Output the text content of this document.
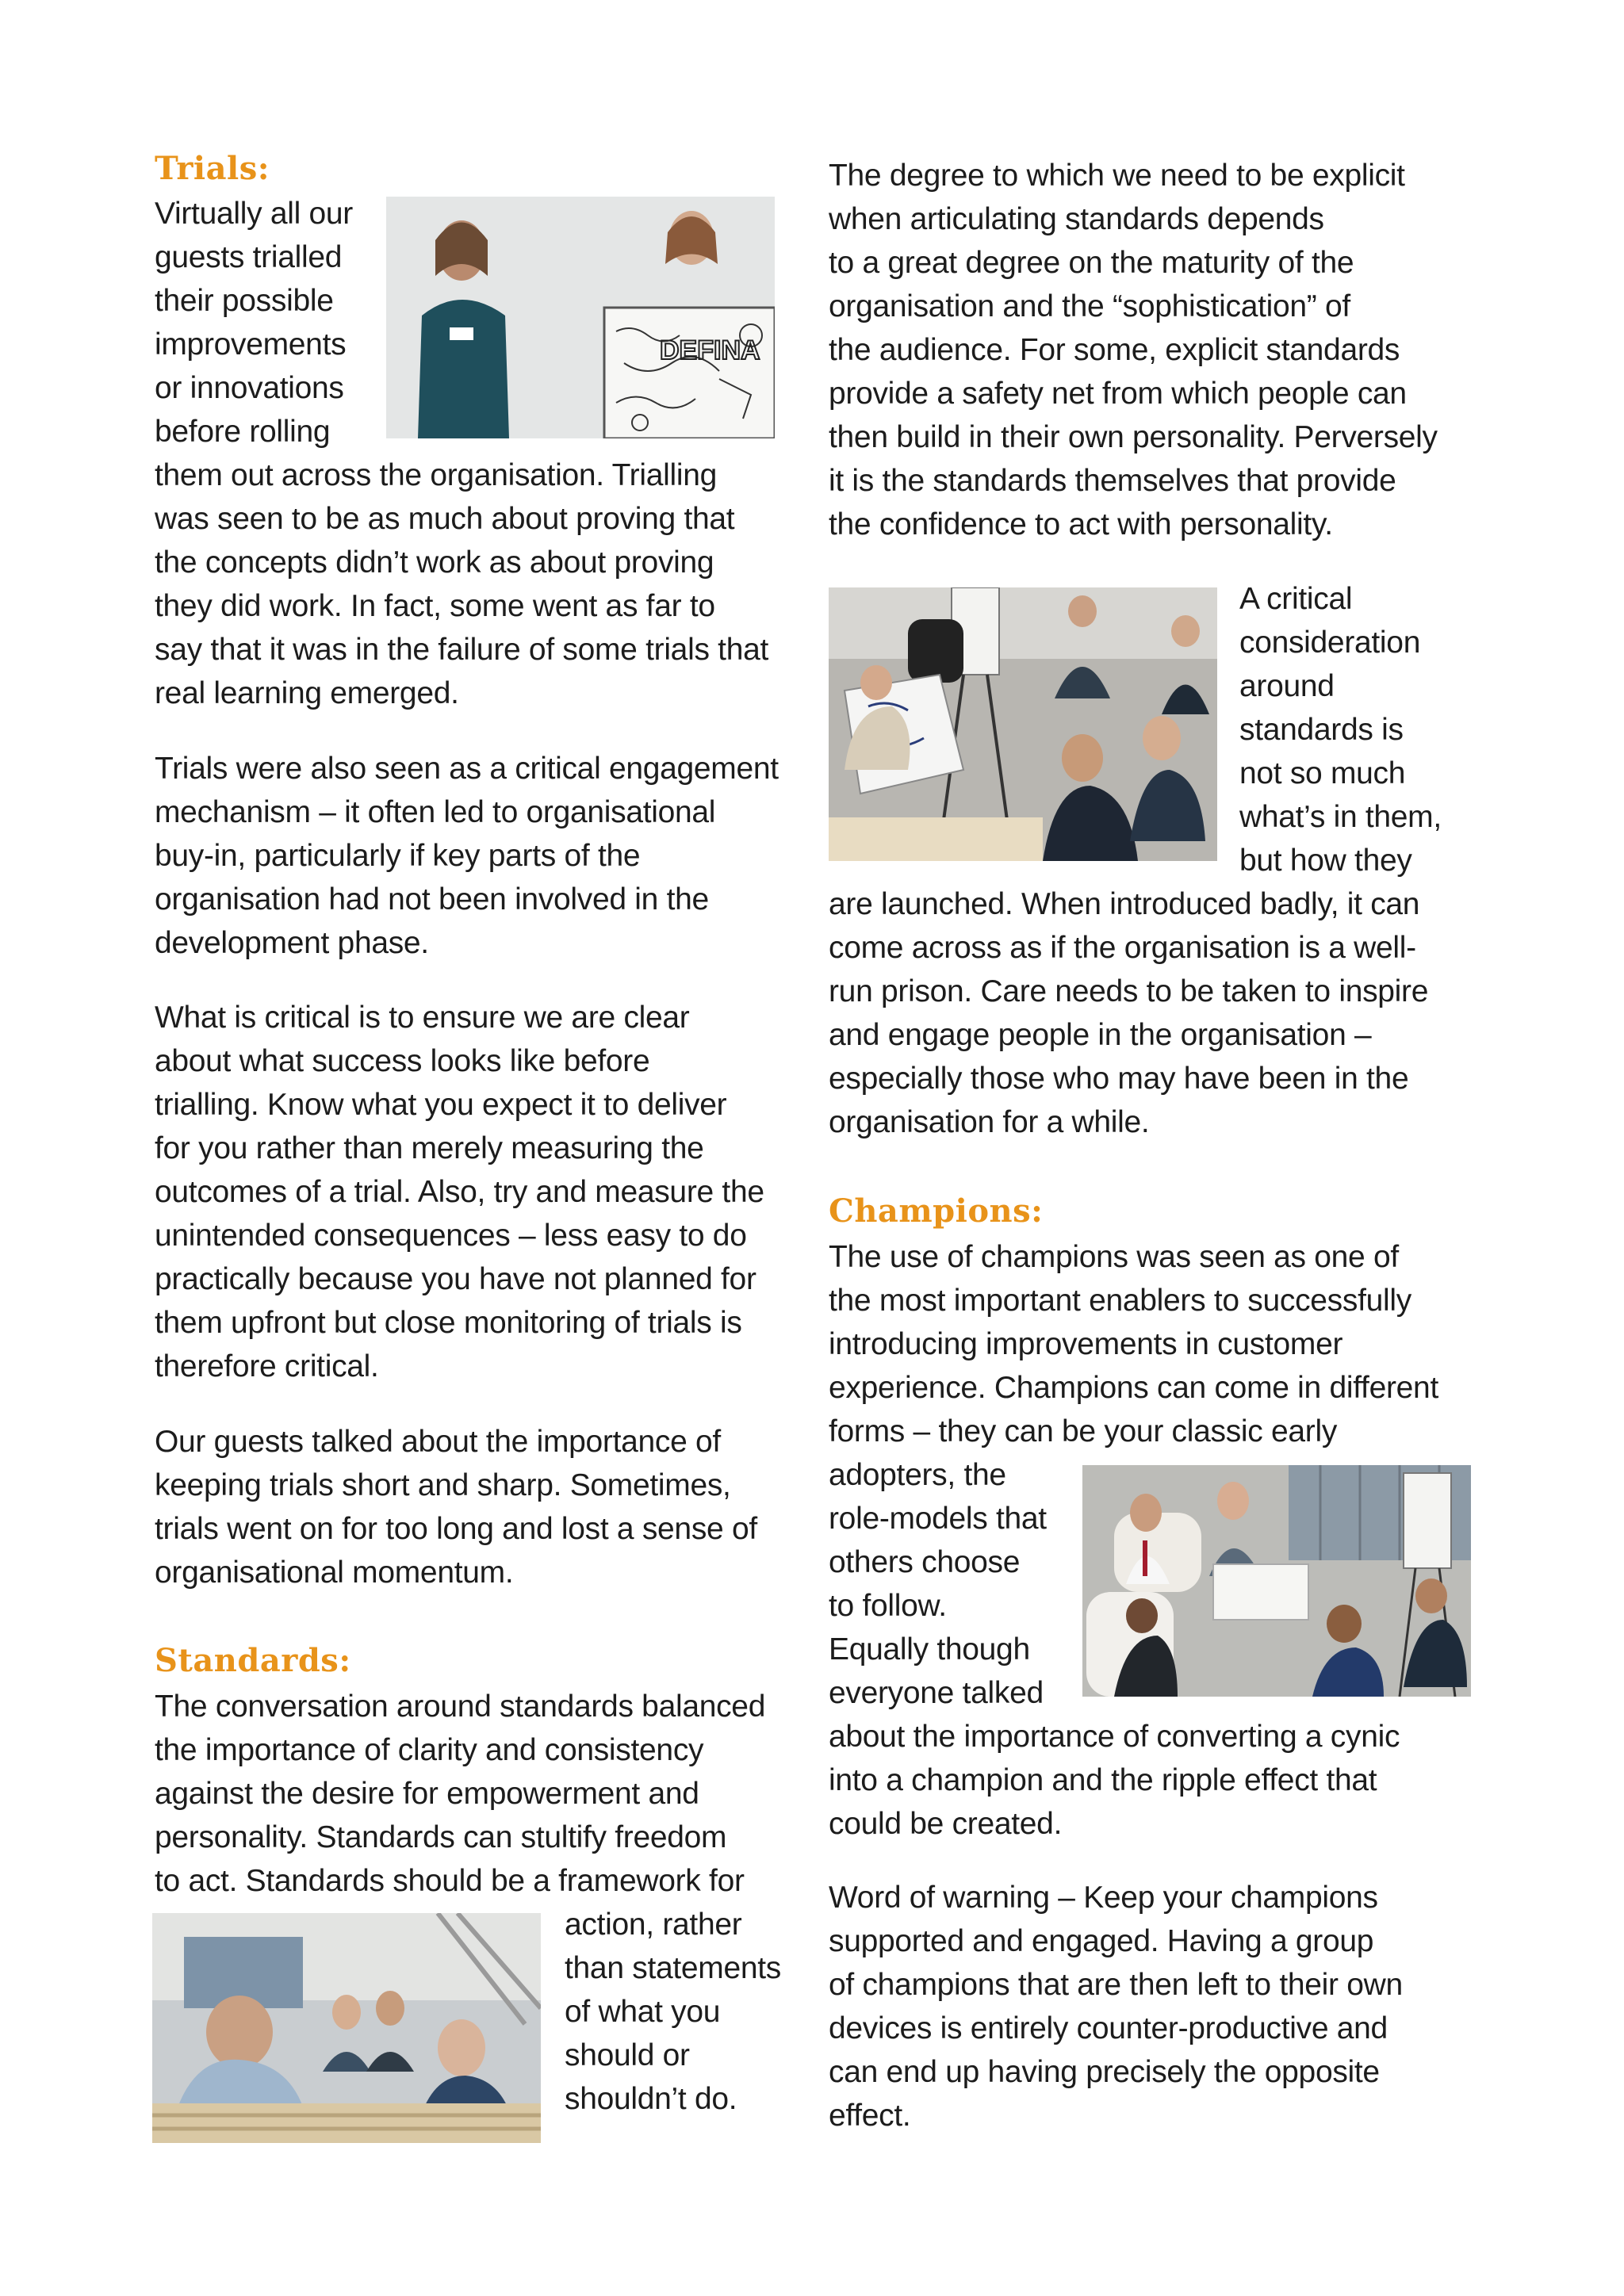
Trials:
DEFINA
Virtually all our
guests trialled
their possible
improvements
or innovations
before rolling
them out across the organisation. Trialling
was seen to be as much about proving that
the concepts didn’t work as about proving
they did work. In fact, some went as far to
say that it was in the failure of some trials that
real learning emerged.
Trials were also seen as a critical engagement
mechanism – it often led to organisational
buy-in, particularly if key parts of the
organisation had not been involved in the
development phase.
What is critical is to ensure we are clear
about what success looks like before
trialling. Know what you expect it to deliver
for you rather than merely measuring the
outcomes of a trial. Also, try and measure the
unintended consequences – less easy to do
practically because you have not planned for
them upfront but close monitoring of trials is
therefore critical.
Our guests talked about the importance of
keeping trials short and sharp. Sometimes,
trials went on for too long and lost a sense of
organisational momentum.
Standards:
The conversation around standards balanced
the importance of clarity and consistency
against the desire for empowerment and
personality. Standards can stultify freedom
to act. Standards should be a framework for
action, rather
than statements
of what you
should or
shouldn’t do.
The degree to which we need to be explicit
when articulating standards depends
to a great degree on the maturity of the
organisation and the “sophistication” of
the audience. For some, explicit standards
provide a safety net from which people can
then build in their own personality. Perversely
it is the standards themselves that provide
the confidence to act with personality.
A critical
consideration
around
standards is
not so much
what’s in them,
but how they
are launched. When introduced badly, it can
come across as if the organisation is a well-
run prison. Care needs to be taken to inspire
and engage people in the organisation –
especially those who may have been in the
organisation for a while.
Champions:
The use of champions was seen as one of
the most important enablers to successfully
introducing improvements in customer
experience. Champions can come in different
forms – they can be your classic early
adopters, the
role-models that
others choose
to follow.
Equally though
everyone talked
about the importance of converting a cynic
into a champion and the ripple effect that
could be created.
Word of warning – Keep your champions
supported and engaged. Having a group
of champions that are then left to their own
devices is entirely counter-productive and
can end up having precisely the opposite
effect.
